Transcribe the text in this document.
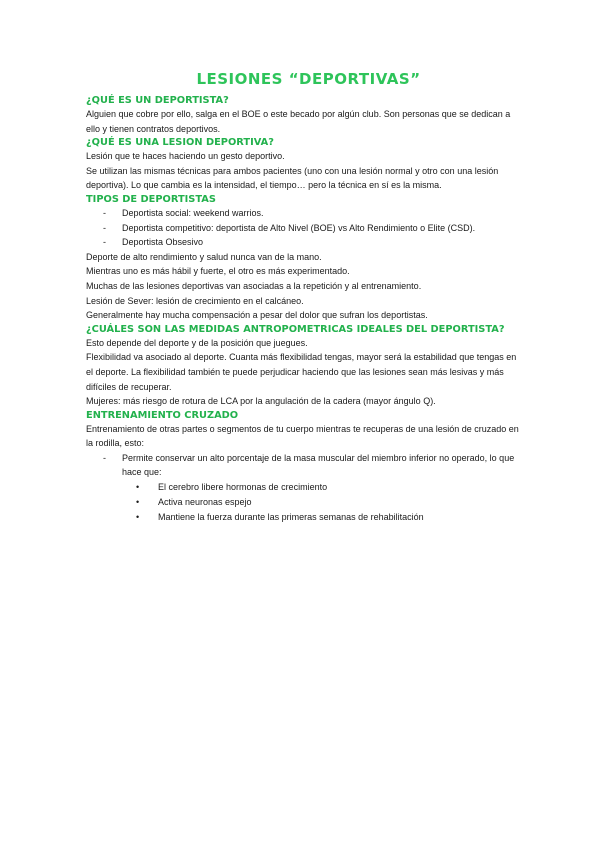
LESIONES “DEPORTIVAS”
¿QUÉ ES UN DEPORTISTA?
Alguien que cobre por ello, salga en el BOE o este becado por algún club. Son personas que se dedican a ello y tienen contratos deportivos.
¿QUÉ ES UNA LESION DEPORTIVA?
Lesión que te haces haciendo un gesto deportivo.
Se utilizan las mismas técnicas para ambos pacientes (uno con una lesión normal y otro con una lesión deportiva). Lo que cambia es la intensidad, el tiempo… pero la técnica en sí es la misma.
TIPOS DE DEPORTISTAS
- Deportista social: weekend warrios.
- Deportista competitivo: deportista de Alto Nivel (BOE) vs Alto Rendimiento o Elite (CSD).
- Deportista Obsesivo
Deporte de alto rendimiento y salud nunca van de la mano.
Mientras uno es más hábil y fuerte, el otro es más experimentado.
Muchas de las lesiones deportivas van asociadas a la repetición y al entrenamiento.
Lesión de Sever: lesión de crecimiento en el calcáneo.
Generalmente hay mucha compensación a pesar del dolor que sufran los deportistas.
¿CUÁLES SON LAS MEDIDAS ANTROPOMETRICAS IDEALES DEL DEPORTISTA?
Esto depende del deporte y de la posición que juegues.
Flexibilidad va asociado al deporte. Cuanta más flexibilidad tengas, mayor será la estabilidad que tengas en el deporte. La flexibilidad también te puede perjudicar haciendo que las lesiones sean más lesivas y más difíciles de recuperar.
Mujeres: más riesgo de rotura de LCA por la angulación de la cadera (mayor ángulo Q).
ENTRENAMIENTO CRUZADO
Entrenamiento de otras partes o segmentos de tu cuerpo mientras te recuperas de una lesión de cruzado en la rodilla, esto:
- Permite conservar un alto porcentaje de la masa muscular del miembro inferior no operado, lo que hace que:
• El cerebro libere hormonas de crecimiento
• Activa neuronas espejo
• Mantiene la fuerza durante las primeras semanas de rehabilitación
